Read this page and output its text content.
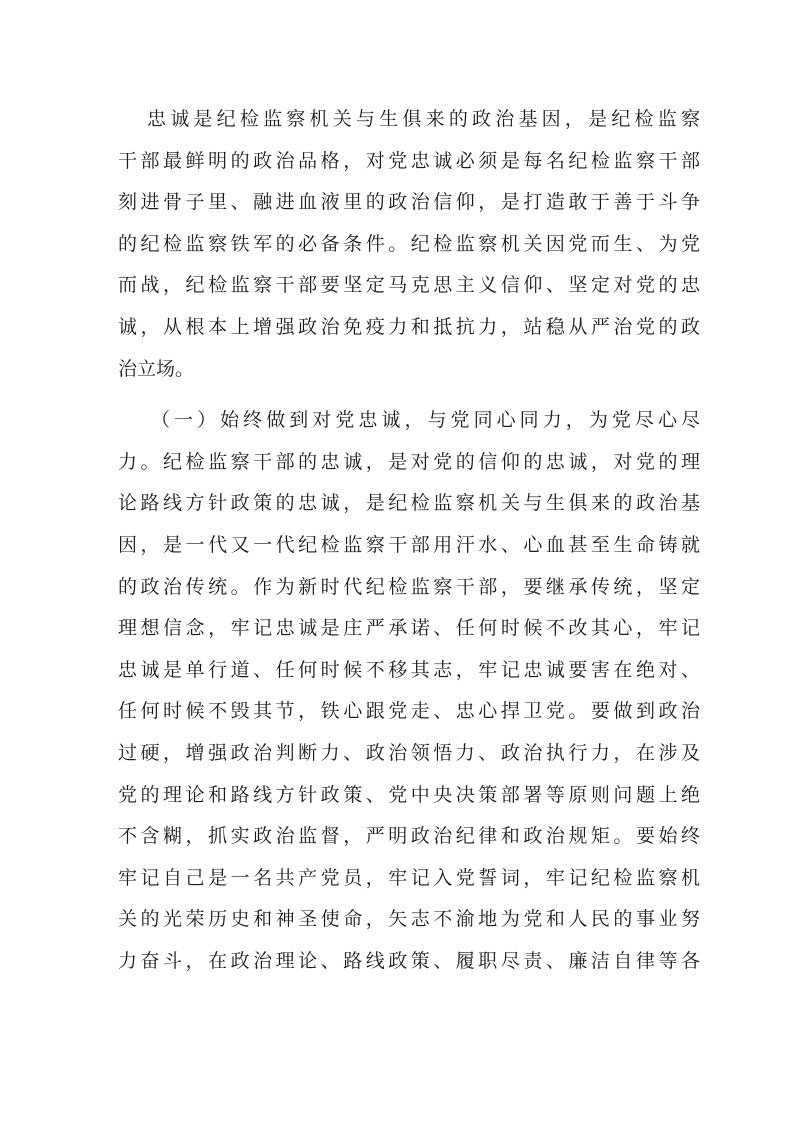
忠诚是纪检监察机关与生俱来的政治基因，是纪检监察
干部最鲜明的政治品格，对党忠诚必须是每名纪检监察干部
刻进骨子里、融进血液里的政治信仰，是打造敢于善于斗争
的纪检监察铁军的必备条件。纪检监察机关因党而生、为党
而战，纪检监察干部要坚定马克思主义信仰、坚定对党的忠
诚，从根本上增强政治免疫力和抵抗力，站稳从严治党的政
治立场。

（一）始终做到对党忠诚，与党同心同力，为党尽心尽
力。纪检监察干部的忠诚，是对党的信仰的忠诚，对党的理
论路线方针政策的忠诚，是纪检监察机关与生俱来的政治基
因，是一代又一代纪检监察干部用汗水、心血甚至生命铸就
的政治传统。作为新时代纪检监察干部，要继承传统，坚定
理想信念，牢记忠诚是庄严承诺、任何时候不改其心，牢记
忠诚是单行道、任何时候不移其志，牢记忠诚要害在绝对、
任何时候不毁其节，铁心跟党走、忠心捍卫党。要做到政治
过硬，增强政治判断力、政治领悟力、政治执行力，在涉及
党的理论和路线方针政策、党中央决策部署等原则问题上绝
不含糊，抓实政治监督，严明政治纪律和政治规矩。要始终
牢记自己是一名共产党员，牢记入党誓词，牢记纪检监察机
关的光荣历史和神圣使命，矢志不渝地为党和人民的事业努
力奋斗，在政治理论、路线政策、履职尽责、廉洁自律等各
